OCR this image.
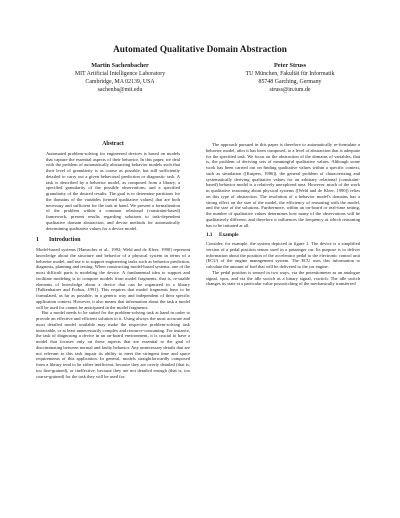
Automated Qualitative Domain Abstraction
Martin Sachenbacher
MIT Artificial Intelligence Laboratory
Cambridge, MA 02139, USA
sachenba@mit.edu
Peter Struss
TU München, Fakultät für Informatik
85748 Garching, Germany
struss@in.tum.de
Abstract

Automated problem-solving for engineered devices is based on models that capture the essential aspects of their behavior. In this paper, we deal with the problem of automatically abstracting behavior models such that their level of granularity is as coarse as possible, but still sufficiently detailed to carry out a given behavioral prediction or diagnostic task. A task is described by a behavior model, as composed from a library, a specified granularity of the possible observations, and a specified granularity of the desired results. The goal is to determine partitions for the domains of the variables (termed qualitative values) that are both necessary and sufficient for the task at hand. We present a formalization of the problem within a common relational (constraint-based) framework, present results regarding solutions to task-dependent qualitative domain abstraction, and devise methods for automatically determining qualitative values for a device model.

1 Introduction

Model-based systems [Hamscher et al., 1992; Weld and de Kleer, 1990] represent knowledge about the structure and behavior of a physical system in terms of a behavior model, and use it to support engineering tasks such as behavior prediction, diagnosis, planning and testing. When constructing model-based systems, one of the most difficult parts is modeling the device. A fundamental idea to support and facilitate modeling is to compose models from model fragments, that is, re-usable elements of knowledge about a device that can be organized in a library [Falkenhainer and Forbus, 1991]. This requires that model fragments have to be formulated, as far as possible, in a generic way and independent of their specific application context. However, it also means that information about the task a model will be used for cannot be anticipated in the model fragments.

But a model needs to be suited for the problem-solving task at hand in order to provide an effective and efficient solution to it. Using always the most accurate and most detailed model available may make the respective problem-solving task intractable, or at least unnecessarily complex and resource-consuming. For instance, the task of diagnosing a device in an on-board environment, it is crucial to have a model that focuses only on those aspects that are essential to the goal of discriminating between normal and faulty behavior. Any unnecessary details that are not relevant to this task impair its ability to meet the stringent time and space requirements of this application. In general, models straightforwardly composed from a library tend to be either inefficient, because they are overly detailed (that is, too fine-grained), or ineffective, because they are not detailed enough (that is, too coarse-grained) for the task they will be used for.

The approach pursued in this paper is therefore to automatically re-formulate a behavior model, after it has been composed, to a level of abstraction that is adequate for the specified task. We focus on the abstraction of the domains of variables, that is, the problem of deriving sets of meaningful qualitative values. Although some work has been carried out on finding qualitative values within a specific context, such as simulation ([Kuipers, 1986]), the general problem of characterizing and systematically deriving qualitative values for an arbitrary relational (constraint-based) behavior model is a relatively unexplored area. However, much of the work in qualitative reasoning about physical systems ([Weld and de Kleer, 1990]) relies on this type of abstraction. The resolution of a behavior model's domains has a strong effect on the size of the model, the efficiency of reasoning with the model, and the size of the solutions. Furthermore, within an on-board or real-time setting, the number of qualitative values determines how many of the observations will be qualitatively different, and therefore it influences the frequency at which reasoning has to be initiated at all.

1.1 Example

Consider, for example, the system depicted in figure 1. The device is a simplified version of a pedal position sensor used in a passenger car. Its purpose is to deliver information about the position of the accelerator pedal to the electronic control unit (ECU) of the engine management system. The ECU uses this information to calculate the amount of fuel that will be delivered to the car engine.

The pedal position is sensed in two ways, via the potentiometer as an analogue signal, vpos, and via the idle switch as a binary signal, vswitch. The idle switch changes its state at a particular value posswitching of the mechanically transferred
